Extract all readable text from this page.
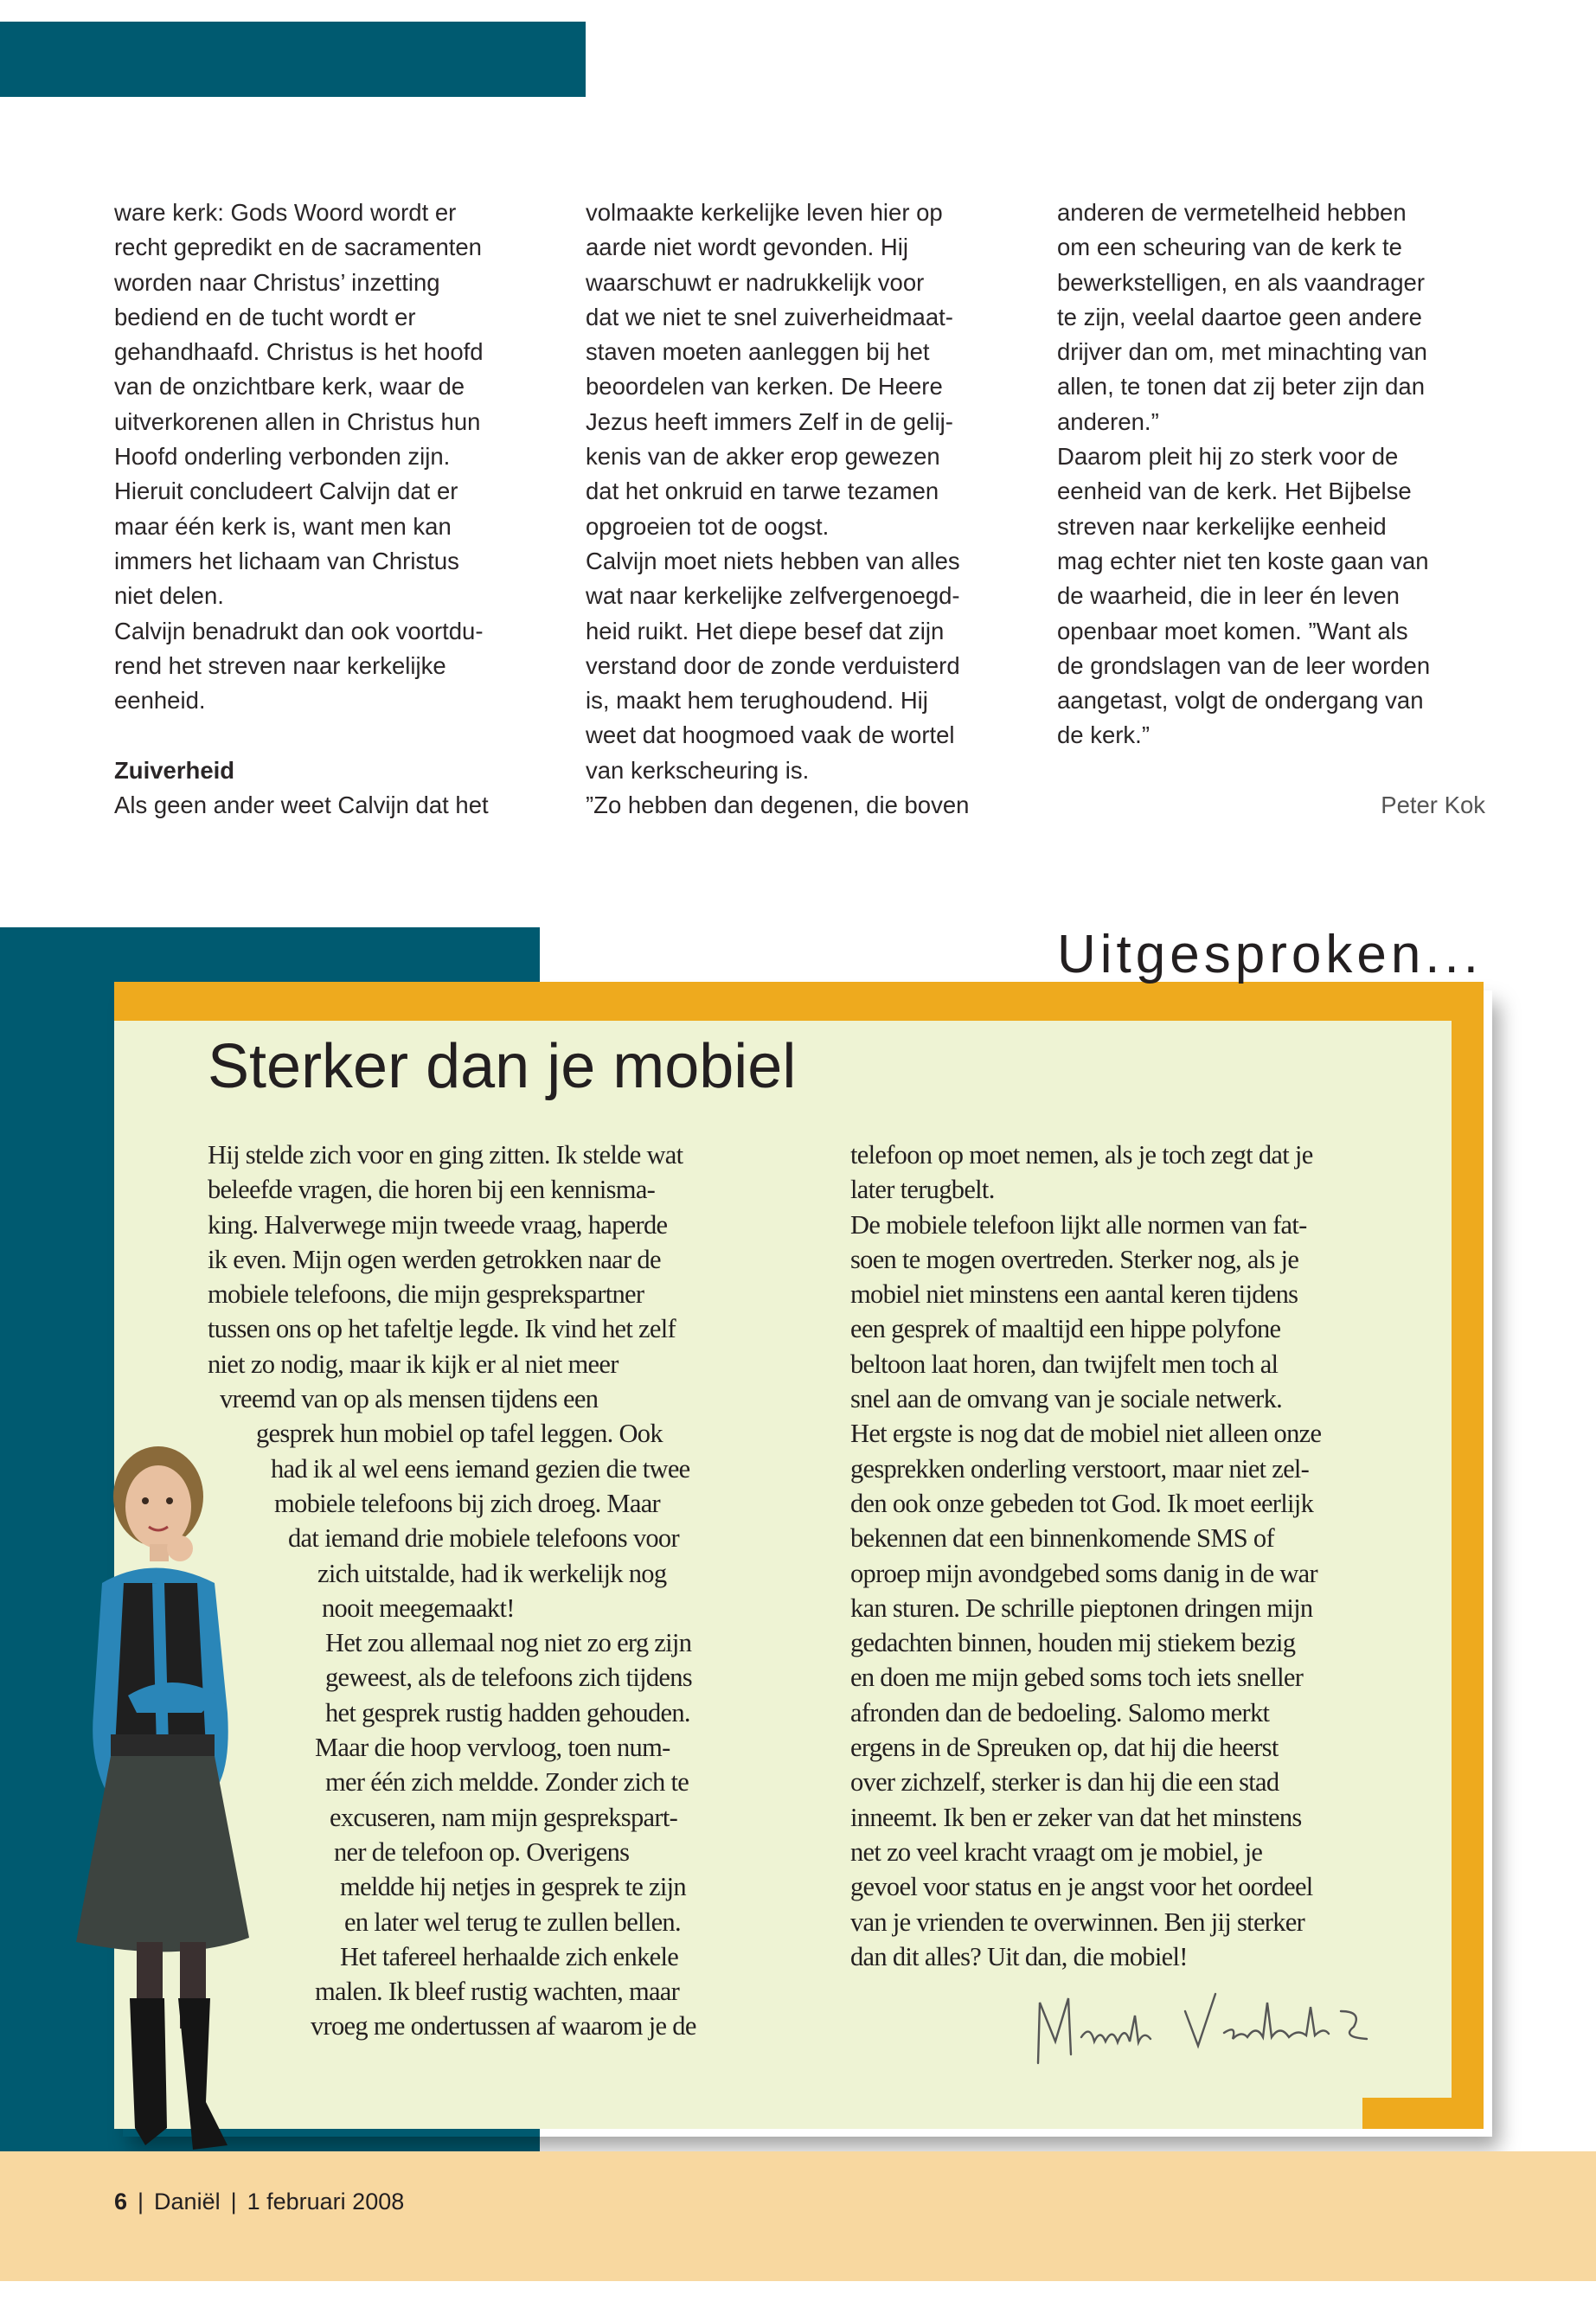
ware kerk: Gods Woord wordt er
recht gepredikt en de sacramenten
worden naar Christus’ inzetting
bediend en de tucht wordt er
gehandhaafd. Christus is het hoofd
van de onzichtbare kerk, waar de
uitverkorenen allen in Christus hun
Hoofd onderling verbonden zijn.
Hieruit concludeert Calvijn dat er
maar één kerk is, want men kan
immers het lichaam van Christus
niet delen.
Calvijn benadrukt dan ook voortdu-
rend het streven naar kerkelijke
eenheid.
Zuiverheid
Als geen ander weet Calvijn dat het
volmaakte kerkelijke leven hier op
aarde niet wordt gevonden. Hij
waarschuwt er nadrukkelijk voor
dat we niet te snel zuiverheidmaat-
staven moeten aanleggen bij het
beoordelen van kerken. De Heere
Jezus heeft immers Zelf in de gelij-
kenis van de akker erop gewezen
dat het onkruid en tarwe tezamen
opgroeien tot de oogst.
Calvijn moet niets hebben van alles
wat naar kerkelijke zelfvergenoegd-
heid ruikt. Het diepe besef dat zijn
verstand door de zonde verduisterd
is, maakt hem terughoudend. Hij
weet dat hoogmoed vaak de wortel
van kerkscheuring is.
”Zo hebben dan degenen, die boven
anderen de vermetelheid hebben
om een scheuring van de kerk te
bewerkstelligen, en als vaandrager
te zijn, veelal daartoe geen andere
drijver dan om, met minachting van
allen, te tonen dat zij beter zijn dan
anderen.”
Daarom pleit hij zo sterk voor de
eenheid van de kerk. Het Bijbelse
streven naar kerkelijke eenheid
mag echter niet ten koste gaan van
de waarheid, die in leer én leven
openbaar moet komen. ”Want als
de grondslagen van de leer worden
aangetast, volgt de ondergang van
de kerk.”
Peter Kok
Uitgesproken...
Sterker dan je mobiel
Hij stelde zich voor en ging zitten. Ik stelde wat
beleefde vragen, die horen bij een kennisma-
king. Halverwege mijn tweede vraag, haperde
ik even. Mijn ogen werden getrokken naar de
mobiele telefoons, die mijn gesprekspartner
tussen ons op het tafeltje legde. Ik vind het zelf
niet zo nodig, maar ik kijk er al niet meer
vreemd van op als mensen tijdens een
gesprek hun mobiel op tafel leggen. Ook
had ik al wel eens iemand gezien die twee
mobiele telefoons bij zich droeg. Maar
dat iemand drie mobiele telefoons voor
zich uitstalde, had ik werkelijk nog
nooit meegemaakt!
Het zou allemaal nog niet zo erg zijn
geweest, als de telefoons zich tijdens
het gesprek rustig hadden gehouden.
Maar die hoop vervloog, toen num-
mer één zich meldde. Zonder zich te
excuseren, nam mijn gesprekspart-
ner de telefoon op. Overigens
meldde hij netjes in gesprek te zijn
en later wel terug te zullen bellen.
Het tafereel herhaalde zich enkele
malen. Ik bleef rustig wachten, maar
vroeg me ondertussen af waarom je de
telefoon op moet nemen, als je toch zegt dat je
later terugbelt.
De mobiele telefoon lijkt alle normen van fat-
soen te mogen overtreden. Sterker nog, als je
mobiel niet minstens een aantal keren tijdens
een gesprek of maaltijd een hippe polyfone
beltoon laat horen, dan twijfelt men toch al
snel aan de omvang van je sociale netwerk.
Het ergste is nog dat de mobiel niet alleen onze
gesprekken onderling verstoort, maar niet zel-
den ook onze gebeden tot God. Ik moet eerlijk
bekennen dat een binnenkomende SMS of
oproep mijn avondgebed soms danig in de war
kan sturen. De schrille pieptonen dringen mijn
gedachten binnen, houden mij stiekem bezig
en doen me mijn gebed soms toch iets sneller
afronden dan de bedoeling. Salomo merkt
ergens in de Spreuken op, dat hij die heerst
over zichzelf, sterker is dan hij die een stad
inneemt. Ik ben er zeker van dat het minstens
net zo veel kracht vraagt om je mobiel, je
gevoel voor status en je angst voor het oordeel
van je vrienden te overwinnen. Ben jij sterker
dan dit alles? Uit dan, die mobiel!
6 | Daniël | 1 februari 2008
